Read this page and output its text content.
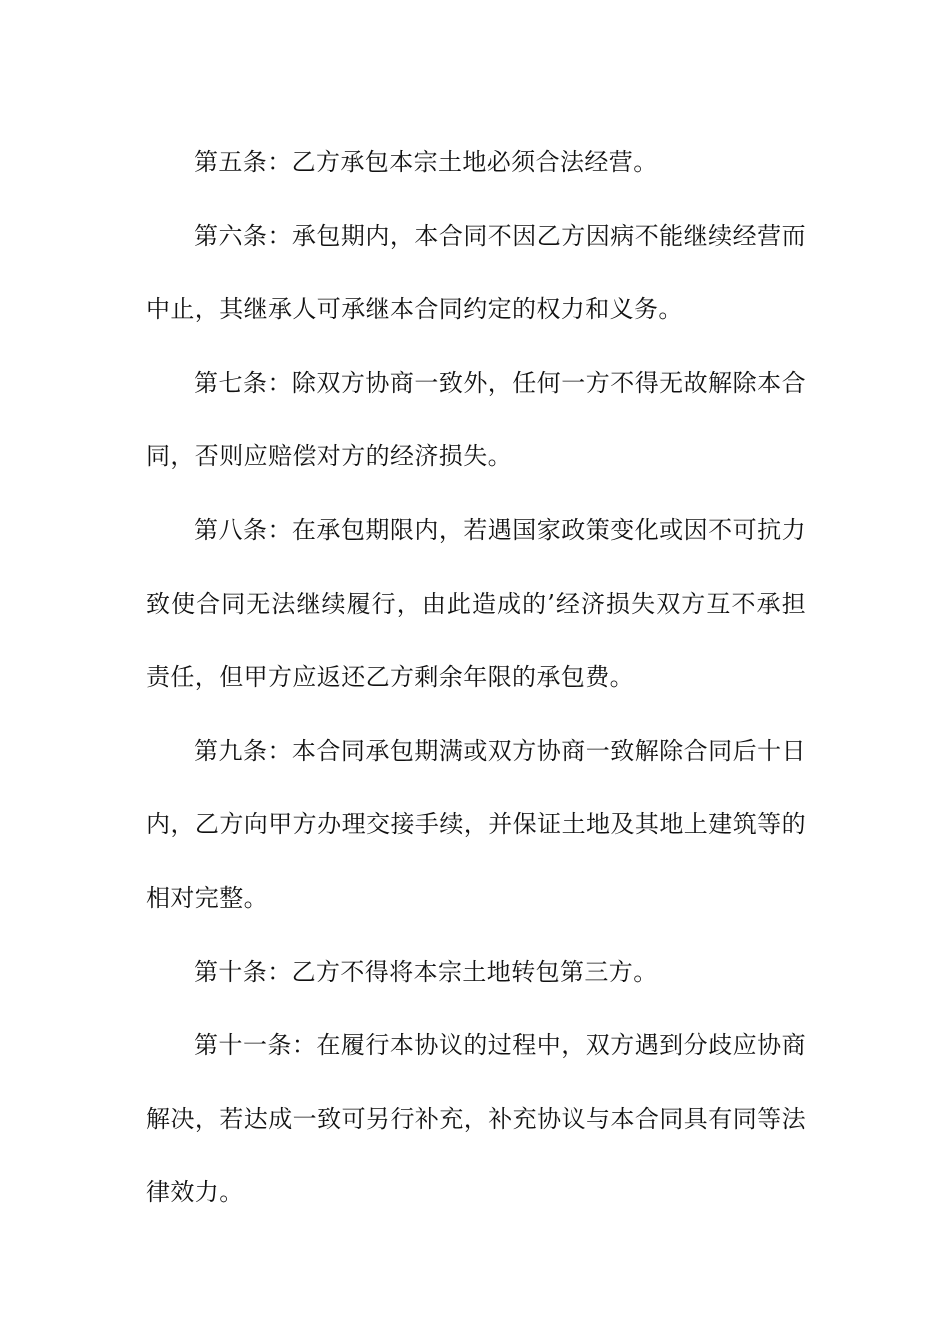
第五条：乙方承包本宗土地必须合法经营。

第六条：承包期内，本合同不因乙方因病不能继续经营而中止，其继承人可承继本合同约定的权力和义务。

第七条：除双方协商一致外，任何一方不得无故解除本合同，否则应赔偿对方的经济损失。

第八条：在承包期限内，若遇国家政策变化或因不可抗力致使合同无法继续履行，由此造成的’经济损失双方互不承担责任，但甲方应返还乙方剩余年限的承包费。

第九条：本合同承包期满或双方协商一致解除合同后十日内，乙方向甲方办理交接手续，并保证土地及其地上建筑等的相对完整。

第十条：乙方不得将本宗土地转包第三方。

第十一条：在履行本协议的过程中，双方遇到分歧应协商解决，若达成一致可另行补充，补充协议与本合同具有同等法律效力。
